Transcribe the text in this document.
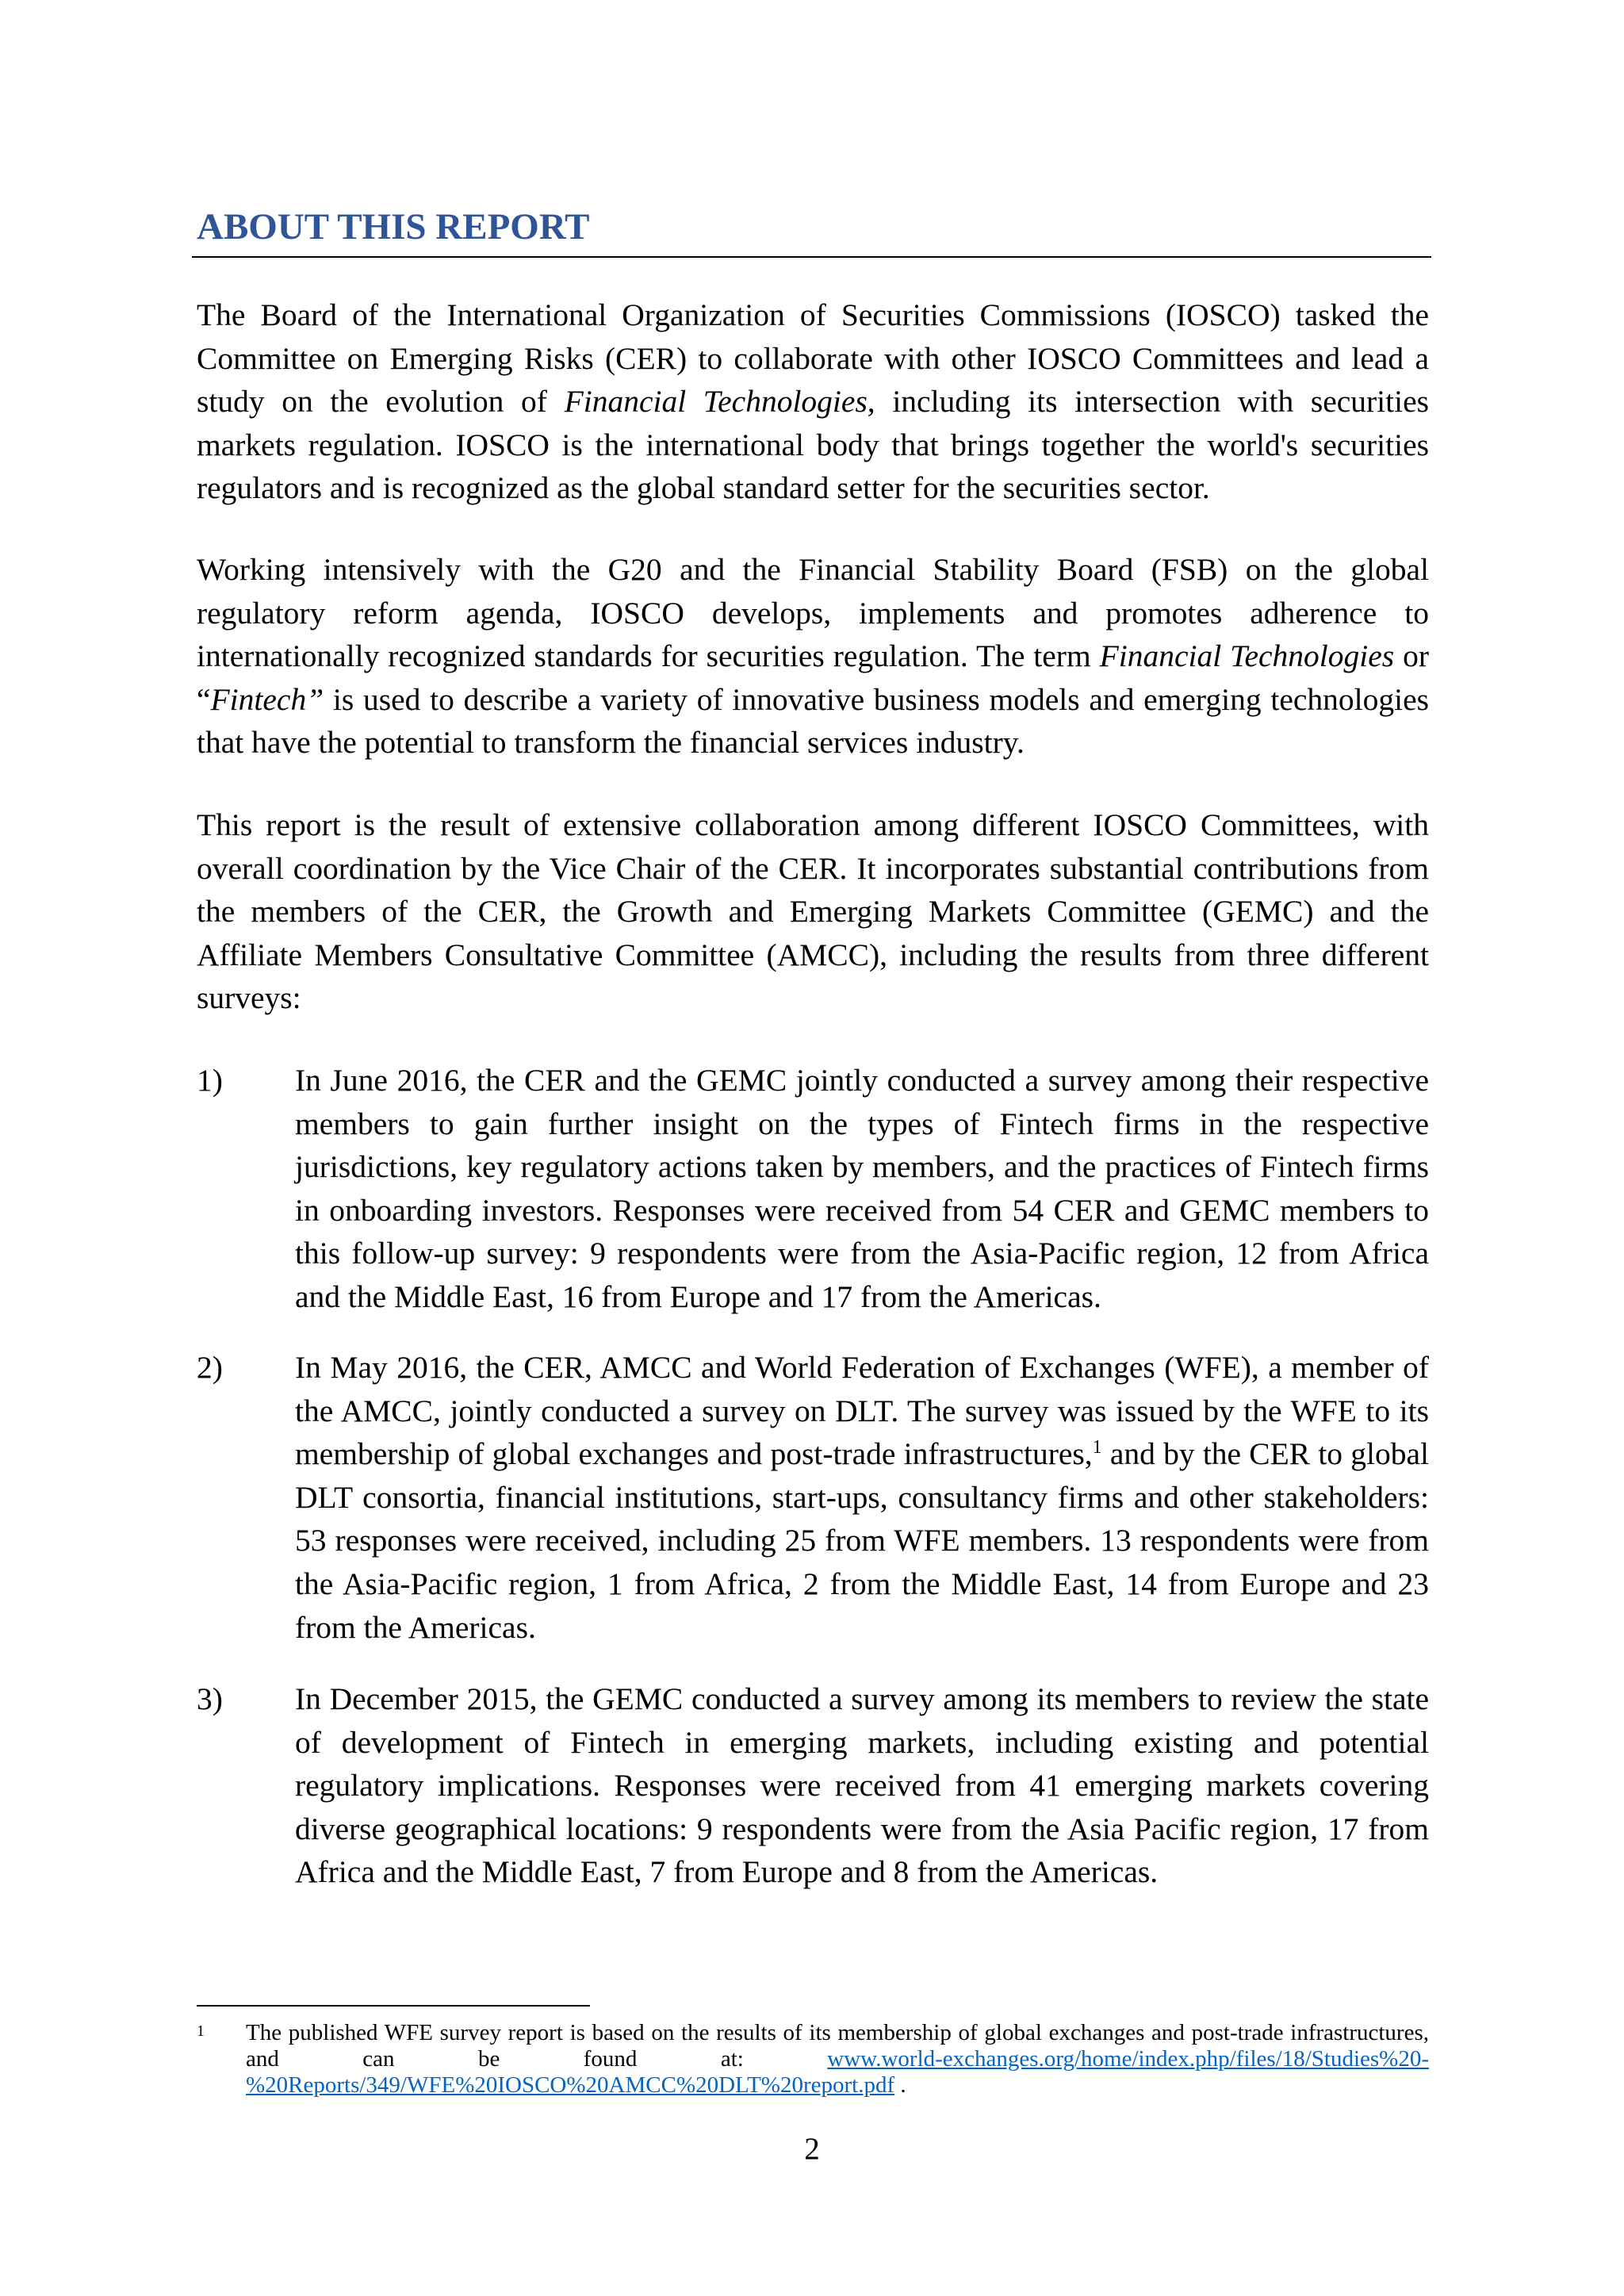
ABOUT THIS REPORT

The Board of the International Organization of Securities Commissions (IOSCO) tasked the Committee on Emerging Risks (CER) to collaborate with other IOSCO Committees and lead a study on the evolution of Financial Technologies, including its intersection with securities markets regulation. IOSCO is the international body that brings together the world's securities regulators and is recognized as the global standard setter for the securities sector.

Working intensively with the G20 and the Financial Stability Board (FSB) on the global regulatory reform agenda, IOSCO develops, implements and promotes adherence to internationally recognized standards for securities regulation. The term Financial Technologies or “Fintech” is used to describe a variety of innovative business models and emerging technologies that have the potential to transform the financial services industry.

This report is the result of extensive collaboration among different IOSCO Committees, with overall coordination by the Vice Chair of the CER. It incorporates substantial contributions from the members of the CER, the Growth and Emerging Markets Committee (GEMC) and the Affiliate Members Consultative Committee (AMCC), including the results from three different surveys:

1) In June 2016, the CER and the GEMC jointly conducted a survey among their respective members to gain further insight on the types of Fintech firms in the respective jurisdictions, key regulatory actions taken by members, and the practices of Fintech firms in onboarding investors. Responses were received from 54 CER and GEMC members to this follow-up survey: 9 respondents were from the Asia-Pacific region, 12 from Africa and the Middle East, 16 from Europe and 17 from the Americas.

2) In May 2016, the CER, AMCC and World Federation of Exchanges (WFE), a member of the AMCC, jointly conducted a survey on DLT. The survey was issued by the WFE to its membership of global exchanges and post-trade infrastructures,$^1$ and by the CER to global DLT consortia, financial institutions, start-ups, consultancy firms and other stakeholders: 53 responses were received, including 25 from WFE members. 13 respondents were from the Asia-Pacific region, 1 from Africa, 2 from the Middle East, 14 from Europe and 23 from the Americas.

3) In December 2015, the GEMC conducted a survey among its members to review the state of development of Fintech in emerging markets, including existing and potential regulatory implications. Responses were received from 41 emerging markets covering diverse geographical locations: 9 respondents were from the Asia Pacific region, 17 from Africa and the Middle East, 7 from Europe and 8 from the Americas.

1 The published WFE survey report is based on the results of its membership of global exchanges and post-trade infrastructures, and can be found at: www.world-exchanges.org/home/index.php/files/18/Studies%20-%20Reports/349/WFE%20IOSCO%20AMCC%20DLT%20report.pdf .

2
